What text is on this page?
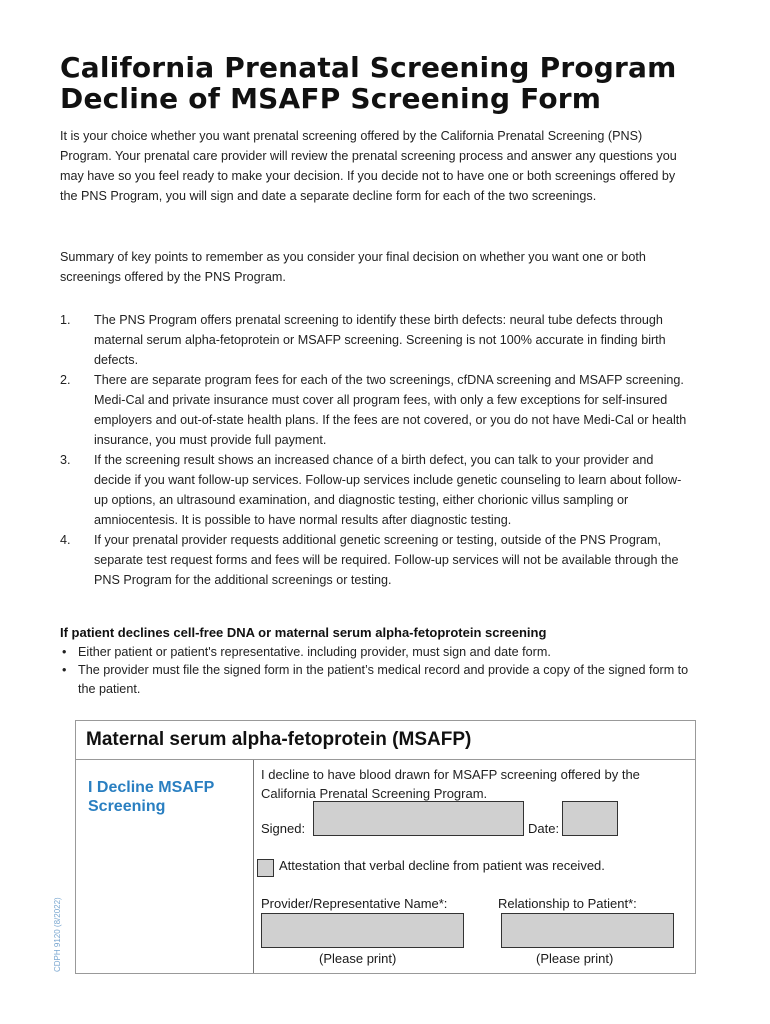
California Prenatal Screening Program
Decline of MSAFP Screening Form

It is your choice whether you want prenatal screening offered by the California Prenatal Screening (PNS) Program. Your prenatal care provider will review the prenatal screening process and answer any questions you may have so you feel ready to make your decision. If you decide not to have one or both screenings offered by the PNS Program, you will sign and date a separate decline form for each of the two screenings.

Summary of key points to remember as you consider your final decision on whether you want one or both screenings offered by the PNS Program.

1.	The PNS Program offers prenatal screening to identify these birth defects: neural tube defects through maternal serum alpha-fetoprotein or MSAFP screening. Screening is not 100% accurate in finding birth defects.
2.	There are separate program fees for each of the two screenings, cfDNA screening and MSAFP screening. Medi-Cal and private insurance must cover all program fees, with only a few exceptions for self-insured employers and out-of-state health plans. If the fees are not covered, or you do not have Medi-Cal or health insurance, you must provide full payment.
3.	If the screening result shows an increased chance of a birth defect, you can talk to your provider and decide if you want follow-up services. Follow-up services include genetic counseling to learn about follow-up options, an ultrasound examination, and diagnostic testing, either chorionic villus sampling or amniocentesis. It is possible to have normal results after diagnostic testing.
4.	If your prenatal provider requests additional genetic screening or testing, outside of the PNS Program, separate test request forms and fees will be required. Follow-up services will not be available through the PNS Program for the additional screenings or testing.
If patient declines cell-free DNA or maternal serum alpha-fetoprotein screening
• Either patient or patient's representative. including provider, must sign and date form.
• The provider must file the signed form in the patient’s medical record and provide a copy of the signed form to the patient.
Maternal serum alpha-fetoprotein (MSAFP)
I Decline MSAFP Screening
I decline to have blood drawn for MSAFP screening offered by the California Prenatal Screening Program.
Signed:	Date:
Attestation that verbal decline from patient was received.
Provider/Representative Name*:
(Please print)
Relationship to Patient*:
(Please print)
CDPH 9120 (8/2022)
